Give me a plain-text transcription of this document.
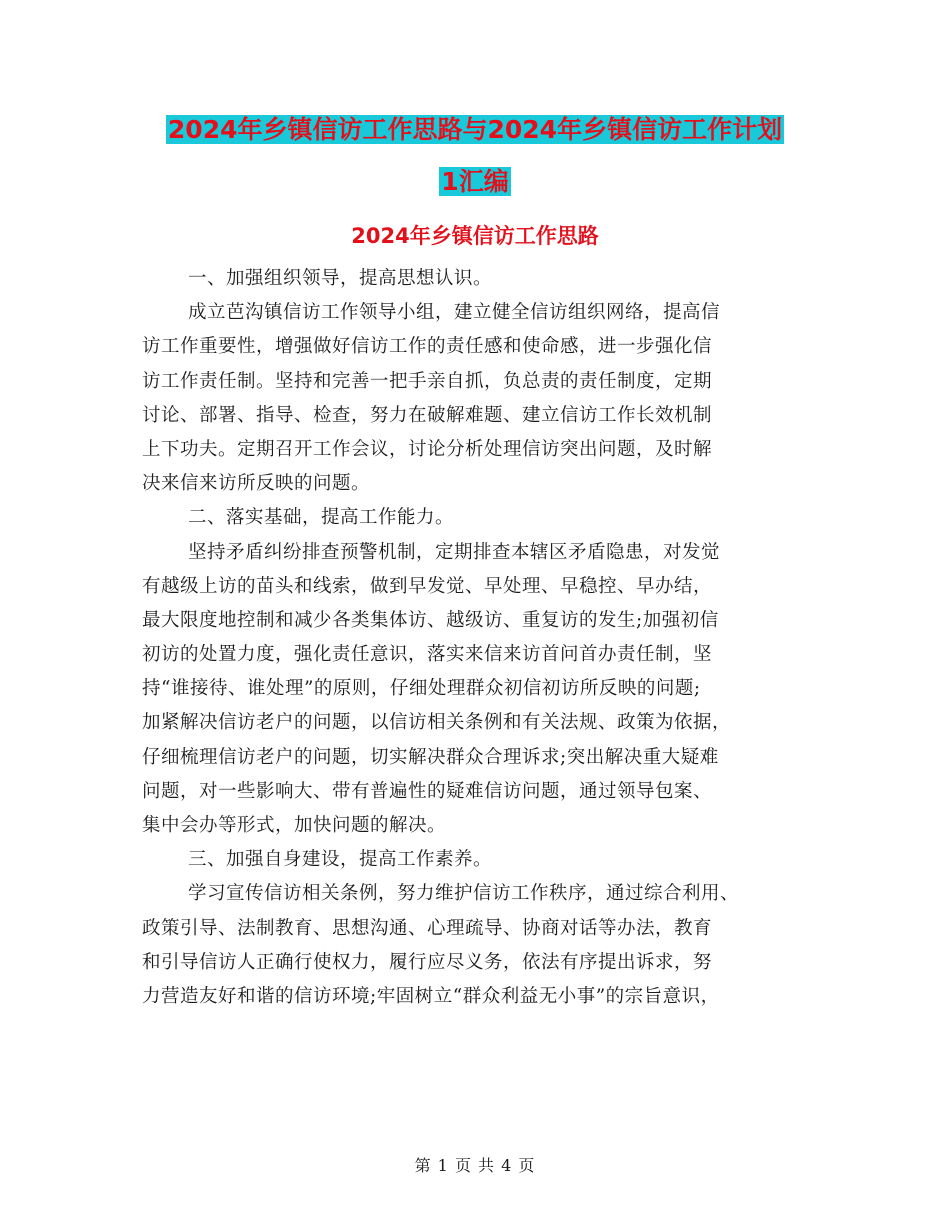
2024年乡镇信访工作思路与2024年乡镇信访工作计划
1汇编
2024年乡镇信访工作思路
一、加强组织领导，提高思想认识。
成立芭沟镇信访工作领导小组，建立健全信访组织网络，提高信
访工作重要性，增强做好信访工作的责任感和使命感，进一步强化信
访工作责任制。坚持和完善一把手亲自抓，负总责的责任制度，定期
讨论、部署、指导、检查，努力在破解难题、建立信访工作长效机制
上下功夫。定期召开工作会议，讨论分析处理信访突出问题，及时解
决来信来访所反映的问题。
二、落实基础，提高工作能力。
坚持矛盾纠纷排查预警机制，定期排查本辖区矛盾隐患，对发觉
有越级上访的苗头和线索，做到早发觉、早处理、早稳控、早办结，
最大限度地控制和减少各类集体访、越级访、重复访的发生;加强初信
初访的处置力度，强化责任意识，落实来信来访首问首办责任制，坚
持“谁接待、谁处理”的原则，仔细处理群众初信初访所反映的问题;
加紧解决信访老户的问题，以信访相关条例和有关法规、政策为依据，
仔细梳理信访老户的问题，切实解决群众合理诉求;突出解决重大疑难
问题，对一些影响大、带有普遍性的疑难信访问题，通过领导包案、
集中会办等形式，加快问题的解决。
三、加强自身建设，提高工作素养。
学习宣传信访相关条例，努力维护信访工作秩序，通过综合利用、
政策引导、法制教育、思想沟通、心理疏导、协商对话等办法，教育
和引导信访人正确行使权力，履行应尽义务，依法有序提出诉求，努
力营造友好和谐的信访环境;牢固树立“群众利益无小事”的宗旨意识，
第 1 页 共 4 页
